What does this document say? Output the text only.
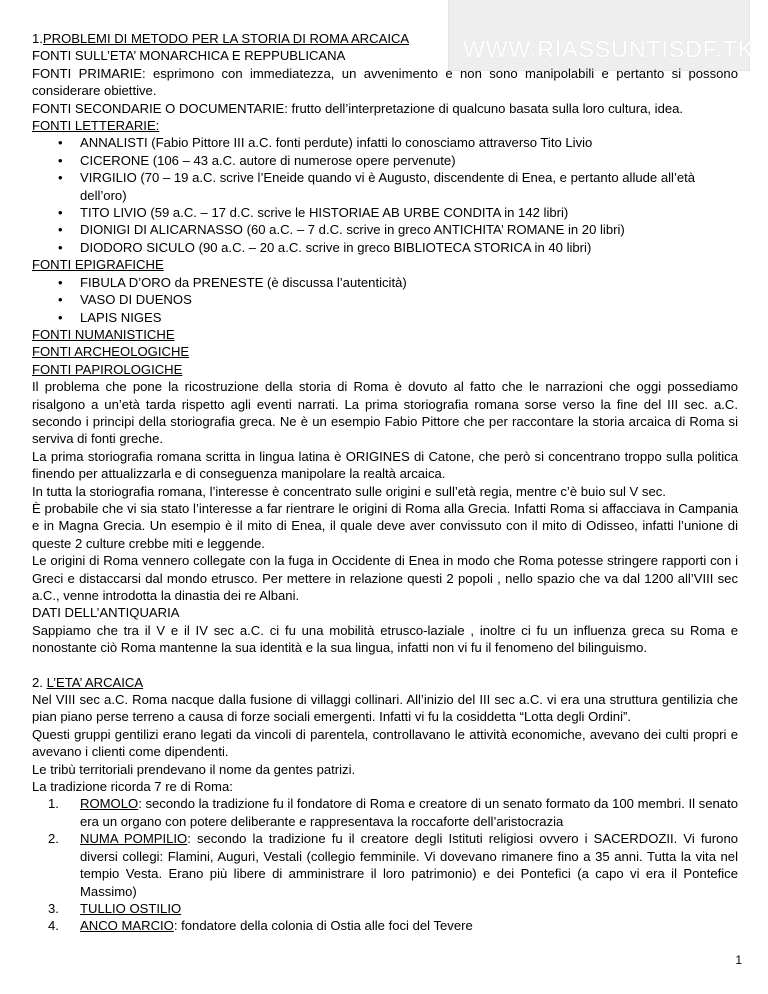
WWW.RIASSUNTISDF.TK

1.PROBLEMI DI METODO PER LA STORIA DI ROMA ARCAICA

FONTI SULL’ETA’ MONARCHICA E REPPUBLICANA

FONTI PRIMARIE: esprimono con immediatezza, un avvenimento e non sono manipolabili e pertanto si possono considerare obiettive.

FONTI SECONDARIE O DOCUMENTARIE: frutto dell’interpretazione di qualcuno basata sulla loro cultura, idea.

FONTI LETTERARIE:

• ANNALISTI (Fabio Pittore III a.C. fonti perdute) infatti lo conosciamo attraverso Tito Livio
• CICERONE (106 – 43 a.C. autore di numerose opere pervenute)
• VIRGILIO (70 – 19 a.C. scrive l’Eneide quando vi è Augusto, discendente di Enea, e pertanto allude all’età dell’oro)
• TITO LIVIO (59 a.C. – 17 d.C. scrive le HISTORIAE AB URBE CONDITA in 142 libri)
• DIONIGI DI ALICARNASSO (60 a.C. – 7 d.C. scrive in greco ANTICHITA’ ROMANE in 20 libri)
• DIODORO SICULO (90 a.C. – 20 a.C. scrive in greco BIBLIOTECA STORICA in 40 libri)

FONTI EPIGRAFICHE

• FIBULA D’ORO da PRENESTE (è discussa l’autenticità)
• VASO DI DUENOS
• LAPIS NIGES

FONTI NUMANISTICHE

FONTI ARCHEOLOGICHE

FONTI PAPIROLOGICHE

Il problema che pone la ricostruzione della storia di Roma è dovuto al fatto che le narrazioni che oggi possediamo risalgono a un’età tarda rispetto agli eventi narrati. La prima storiografia romana sorse verso la fine del III sec. a.C. secondo i principi della storiografia greca. Ne è un esempio Fabio Pittore che per raccontare la storia arcaica di Roma si serviva di fonti greche.

La prima storiografia romana scritta in lingua latina è ORIGINES di Catone, che però si concentrano troppo sulla politica finendo per attualizzarla e di conseguenza manipolare la realtà arcaica.

In tutta la storiografia romana, l’interesse è concentrato sulle origini e sull’età regia, mentre c’è buio sul V sec.

È probabile che vi sia stato l’interesse a far rientrare le origini di Roma alla Grecia. Infatti Roma si affacciava in Campania e in Magna Grecia. Un esempio è il mito di Enea, il quale deve aver convissuto con il mito di Odisseo, infatti l’unione di queste 2 culture crebbe miti e leggende.

Le origini di Roma vennero collegate con la fuga in Occidente di Enea in modo che Roma potesse stringere rapporti con i Greci e distaccarsi dal mondo etrusco. Per mettere in relazione questi 2 popoli , nello spazio che va dal 1200 all’VIII sec a.C., venne introdotta la dinastia dei re Albani.

DATI DELL’ANTIQUARIA

Sappiamo che tra il V e il IV sec a.C. ci fu una mobilità etrusco-laziale , inoltre ci fu un influenza greca su Roma e nonostante ciò Roma mantenne la sua identità e la sua lingua, infatti non vi fu il fenomeno del bilinguismo.

2. L’ETA’ ARCAICA

Nel VIII sec a.C. Roma nacque dalla fusione di villaggi collinari. All’inizio del III sec a.C. vi era una struttura gentilizia che pian piano perse terreno a causa di forze sociali emergenti. Infatti vi fu la cosiddetta “Lotta degli Ordini”.

Questi gruppi gentilizi erano legati da vincoli di parentela, controllavano le attività economiche, avevano dei culti propri e avevano i clienti come dipendenti.

Le tribù territoriali prendevano il nome da gentes patrizi.

La tradizione ricorda 7 re di Roma:

1. ROMOLO: secondo la tradizione fu il fondatore di Roma e creatore di un senato formato da 100 membri. Il senato era un organo con potere deliberante e rappresentava la roccaforte dell’aristocrazia
2. NUMA POMPILIO: secondo la tradizione fu il creatore degli Istituti religiosi ovvero i SACERDOZII. Vi furono diversi collegi: Flamini, Auguri, Vestali (collegio femminile. Vi dovevano rimanere fino a 35 anni. Tutta la vita nel tempio Vesta. Erano più libere di amministrare il loro patrimonio) e dei Pontefici (a capo vi era il Pontefice Massimo)
3. TULLIO OSTILIO
4. ANCO MARCIO: fondatore della colonia di Ostia alle foci del Tevere
1
